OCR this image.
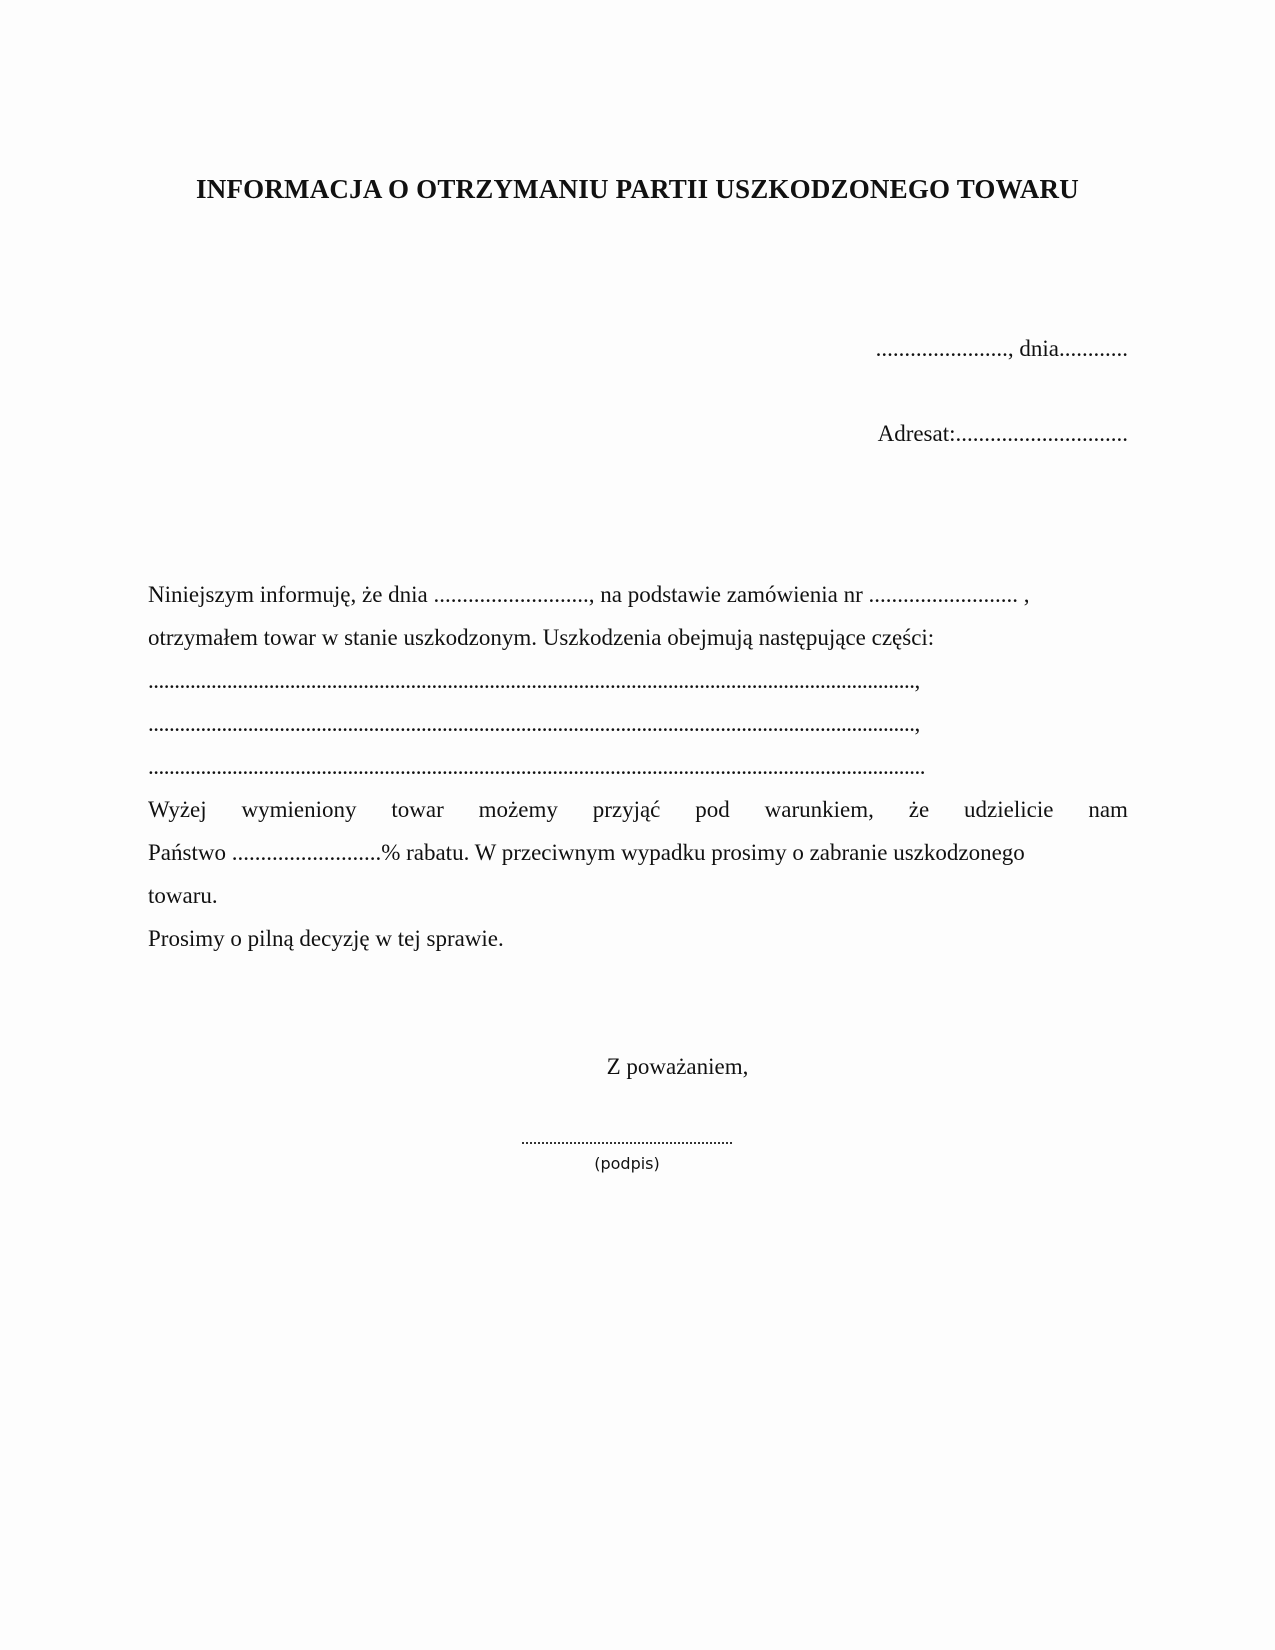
INFORMACJA O OTRZYMANIU PARTII USZKODZONEGO TOWARU
......................., dnia............
Adresat:..............................
Niniejszym informuję, że dnia ..........................., na podstawie zamówienia nr .......................... ,
otrzymałem towar w stanie uszkodzonym. Uszkodzenia obejmują następujące części:
..................................................................................................................................................,
..................................................................................................................................................,
....................................................................................................................................................
Wyżej wymieniony towar możemy przyjąć pod warunkiem, że udzielicie nam
Państwo ..........................% rabatu. W przeciwnym wypadku prosimy o zabranie uszkodzonego
towaru.
Prosimy o pilną decyzję w tej sprawie.
Z poważaniem,
(podpis)
